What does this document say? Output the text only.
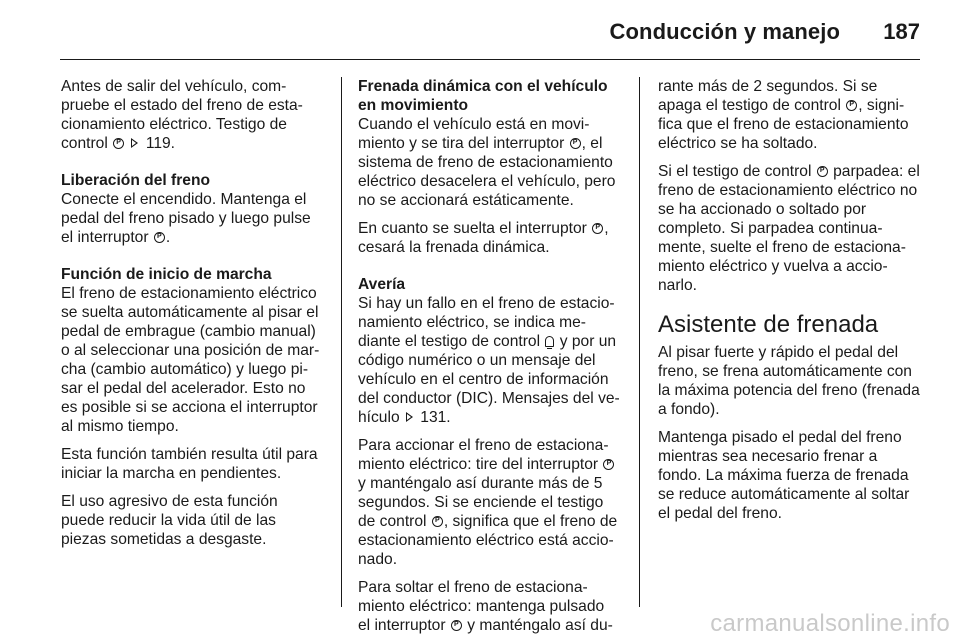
Conducción y manejo 187

Antes de salir del vehículo, com-pruebe el estado del freno de esta-cionamiento eléctrico. Testigo de control P  119.

Liberación del freno
Conecte el encendido. Mantenga el pedal del freno pisado y luego pulse el interruptor P.

Función de inicio de marcha
El freno de estacionamiento eléctrico se suelta automáticamente al pisar el pedal de embrague (cambio manual) o al seleccionar una posición de mar-cha (cambio automático) y luego pi-sar el pedal del acelerador. Esto no es posible si se acciona el interruptor al mismo tiempo.

Esta función también resulta útil para iniciar la marcha en pendientes.

El uso agresivo de esta función puede reducir la vida útil de las piezas sometidas a desgaste.

Frenada dinámica con el vehículo en movimiento
Cuando el vehículo está en movi-miento y se tira del interruptor P, el sistema de freno de estacionamiento eléctrico desacelera el vehículo, pero no se accionará estáticamente.

En cuanto se suelta el interruptor P, cesará la frenada dinámica.

Avería
Si hay un fallo en el freno de estacio-namiento eléctrico, se indica me-diante el testigo de control  y por un código numérico o un mensaje del vehículo en el centro de información del conductor (DIC). Mensajes del ve-hículo  131.

Para accionar el freno de estaciona-miento eléctrico: tire del interruptor P y manténgalo así durante más de 5 segundos. Si se enciende el testigo de control P, significa que el freno de estacionamiento eléctrico está accio-nado.

Para soltar el freno de estaciona-miento eléctrico: mantenga pulsado el interruptor P y manténgalo así du-

rante más de 2 segundos. Si se apaga el testigo de control P, signi-fica que el freno de estacionamiento eléctrico se ha soltado.

Si el testigo de control P parpadea: el freno de estacionamiento eléctrico no se ha accionado o soltado por completo. Si parpadea continua-mente, suelte el freno de estaciona-miento eléctrico y vuelva a accio-narlo.

Asistente de frenada

Al pisar fuerte y rápido el pedal del freno, se frena automáticamente con la máxima potencia del freno (frenada a fondo).

Mantenga pisado el pedal del freno mientras sea necesario frenar a fondo. La máxima fuerza de frenada se reduce automáticamente al soltar el pedal del freno.

carmanualsonline.info
